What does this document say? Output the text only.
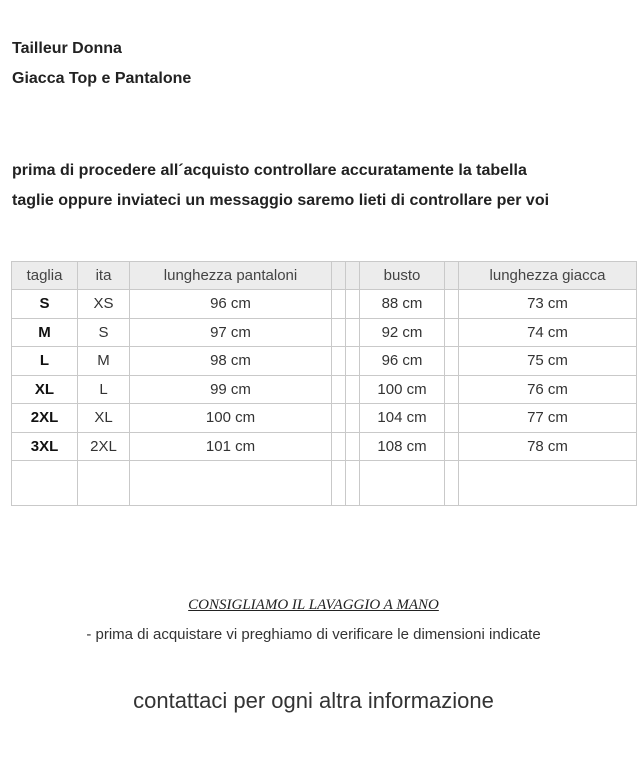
Tailleur Donna
Giacca Top e Pantalone
prima di procedere all´acquisto controllare accuratamente la tabella
taglie oppure inviateci un messaggio saremo lieti di controllare per voi
taglia	ita	lunghezza pantaloni			busto		lunghezza giacca
S	XS	96 cm			88 cm		73 cm
M	S	97 cm			92 cm		74 cm
L	M	98 cm			96 cm		75 cm
XL	L	99 cm			100 cm		76 cm
2XL	XL	100 cm			104 cm		77 cm
3XL	2XL	101 cm			108 cm		78 cm

CONSIGLIAMO IL LAVAGGIO A MANO
- prima di acquistare vi preghiamo di verificare le dimensioni indicate
contattaci per ogni altra informazione
